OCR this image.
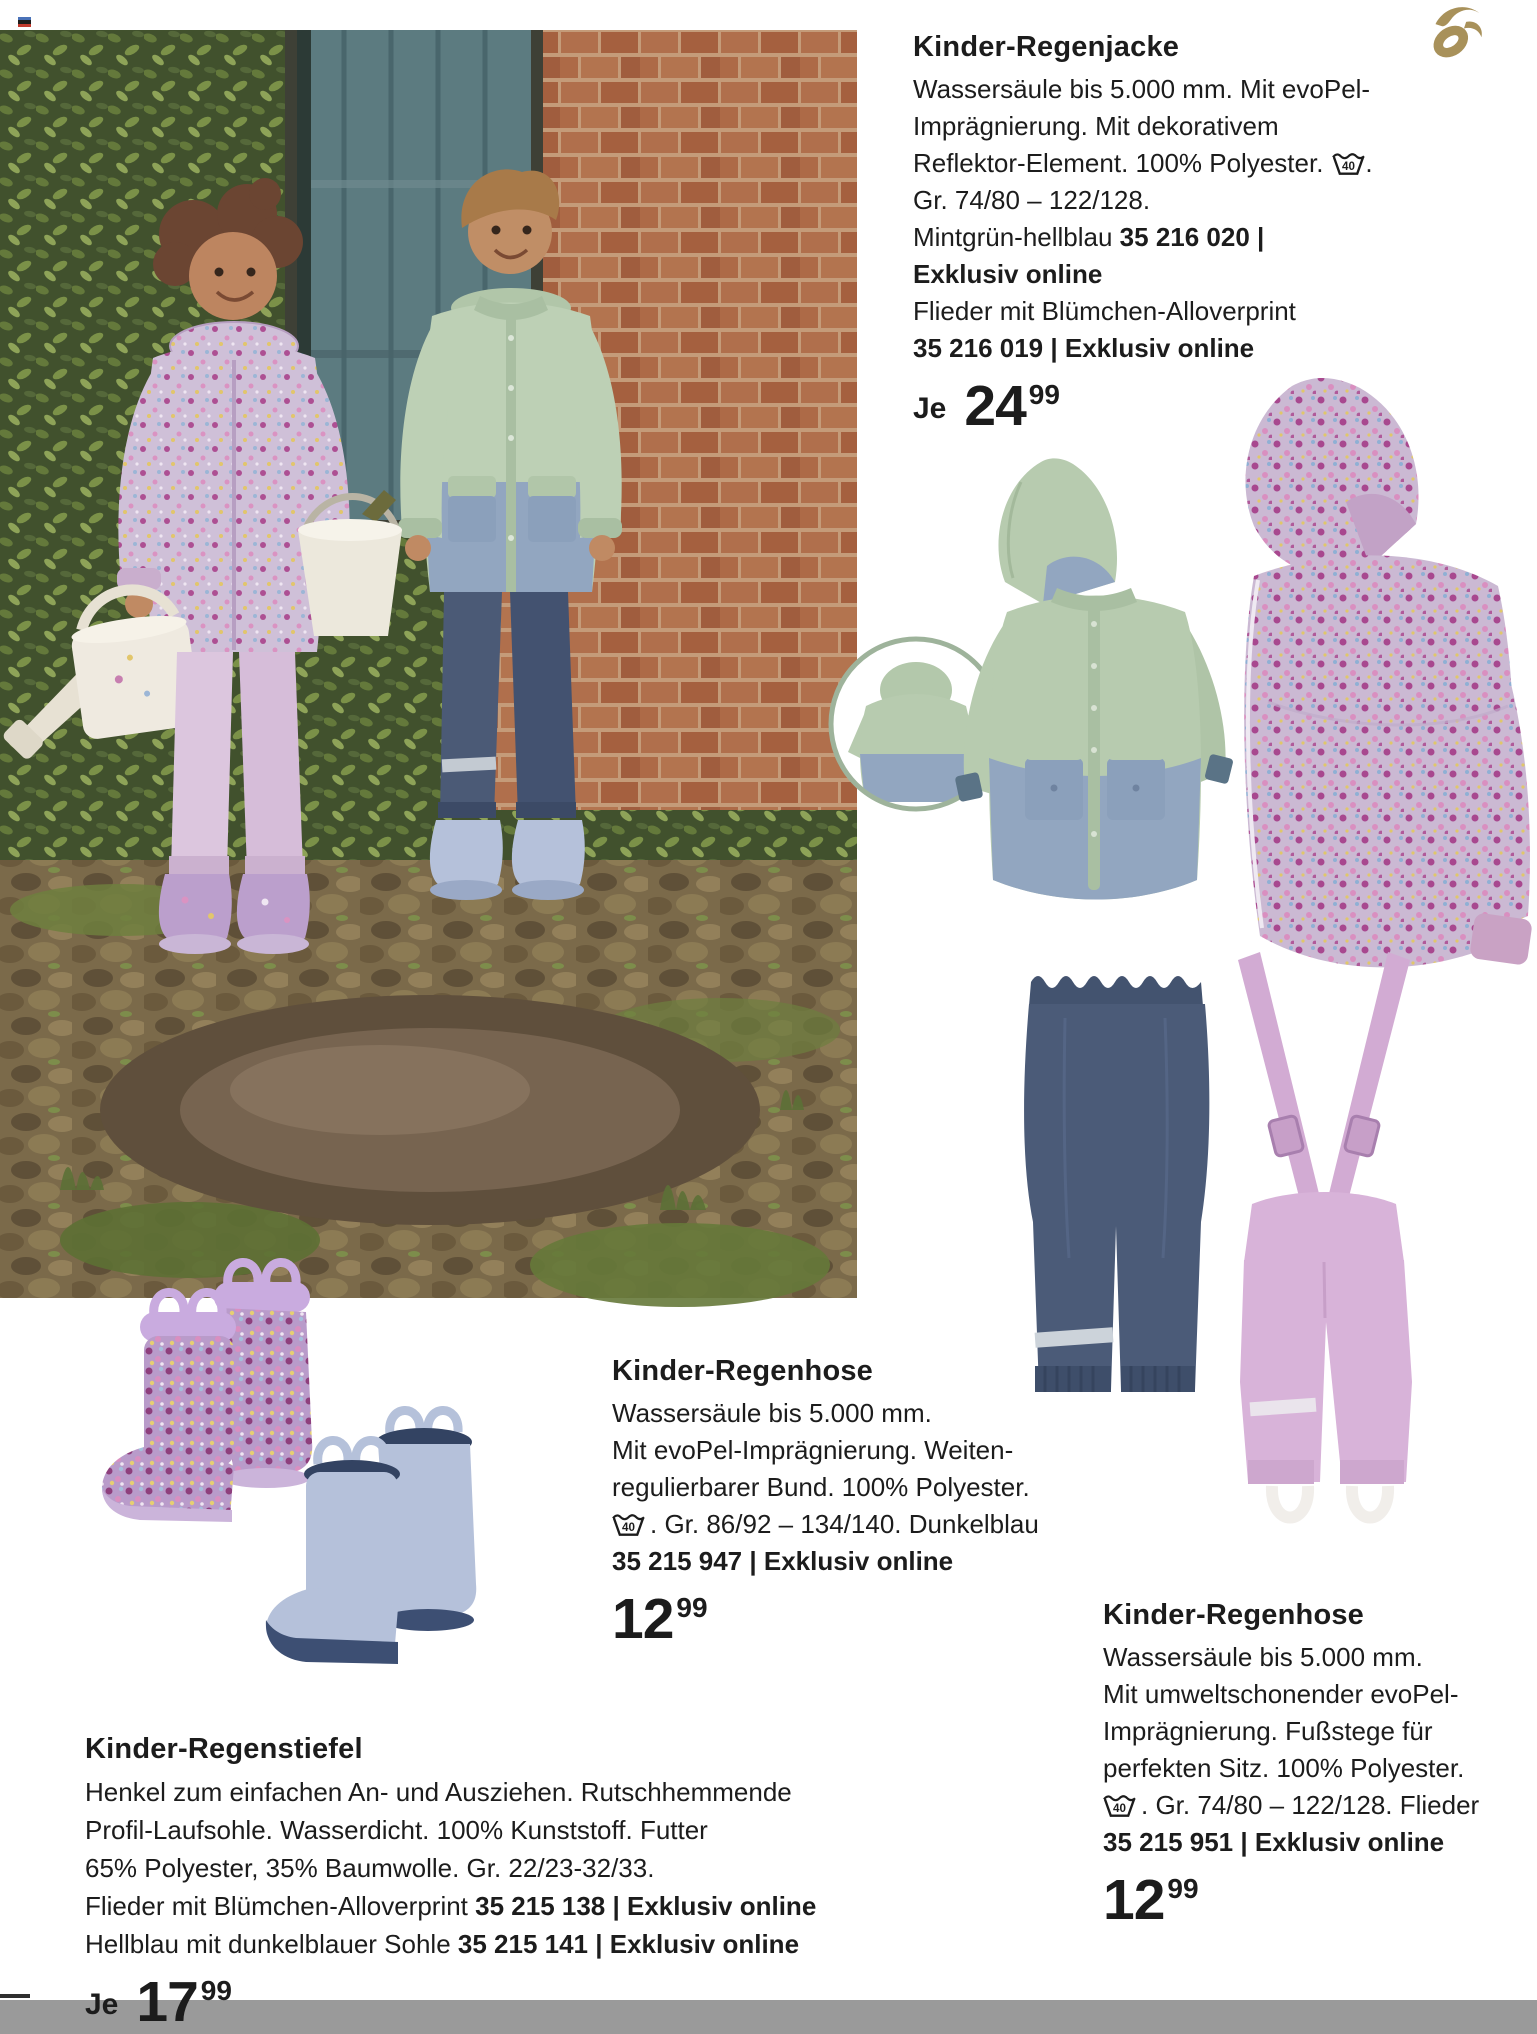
Kinder-Regenjacke
Wassersäule bis 5.000 mm. Mit evoPel-
Imprägnierung. Mit dekorativem
Reflektor-Element. 100% Polyester. 40 .
Gr. 74/80 – 122/128.
Mintgrün-hellblau 35 216 020 |
Exklusiv online
Flieder mit Blümchen-Alloverprint
35 216 019 | Exklusiv online
Je 24 99
Kinder-Regenhose
Wassersäule bis 5.000 mm.
Mit evoPel-Imprägnierung. Weiten-
regulierbarer Bund. 100% Polyester.
40 . Gr. 86/92 – 134/140. Dunkelblau
35 215 947 | Exklusiv online
12 99	Kinder-Regenhose
Wassersäule bis 5.000 mm.
Mit umweltschonender evoPel-
Imprägnierung. Fußstege für
perfekten Sitz. 100% Polyester.
40 . Gr. 74/80 – 122/128. Flieder
35 215 951 | Exklusiv online
12 99
Kinder-Regenstiefel
Henkel zum einfachen An- und Ausziehen. Rutschhemmende
Profil-Laufsohle. Wasserdicht. 100% Kunststoff. Futter
65% Polyester, 35% Baumwolle. Gr. 22/23-32/33.
Flieder mit Blümchen-Alloverprint 35 215 138 | Exklusiv online
Hellblau mit dunkelblauer Sohle 35 215 141 | Exklusiv online
Je 17 99
